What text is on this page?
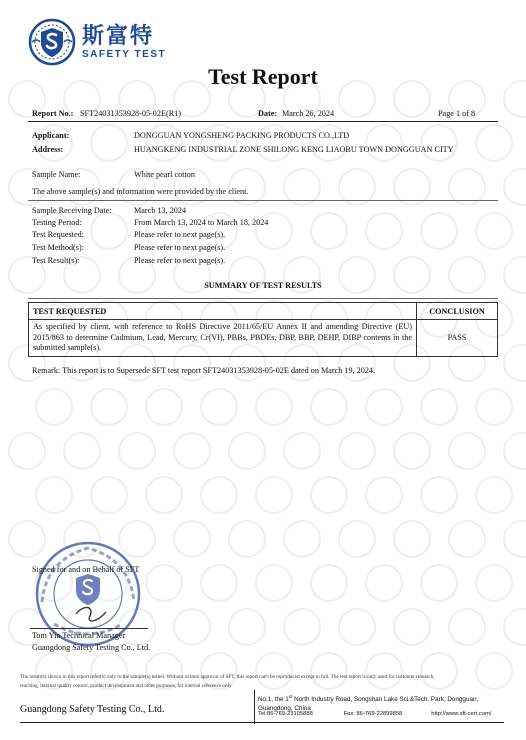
斯富特
SAFETY TEST
Test Report
Report No.: SFT24031353928-05-02E(R1)	Date: March 26, 2024	Page 1 of 8
Applicant:	DONGGUAN YONGSHENG PACKING PRODUCTS CO.,LTD
Address:	HUANGKENG INDUSTRIAL ZONE SHILONG KENG LIAOBU TOWN DONGGUAN CITY
Sample Name:	White pearl cotton
The above sample(s) and information were provided by the client.
Sample Receiving Date:	March 13, 2024
Testing Period:	From March 13, 2024 to March 18, 2024
Test Requested:	Please refer to next page(s).
Test Method(s):	Please refer to next page(s).
Test Result(s):	Please refer to next page(s).
SUMMARY OF TEST RESULTS
TEST REQUESTED	CONCLUSION
As specified by client, with reference to RoHS Directive 2011/65/EU Annex II and amending Directive (EU) 2015/863 to determine Cadmium, Lead, Mercury, Cr(VI), PBBs, PBDEs, DBP, BBP, DEHP, DIBP contents in the submitted sample(s).	PASS
Remark: This report is to Supersede SFT test report SFT24031353928-05-02E dated on March 19, 2024.
Signed for and on Behalf of SFT
Tom Yin Technical Manager
Guangdong Safety Testing Co., Ltd.
The result(s) shown in this report refer(s) only to the sample(s) tested. Without written approval of SFT, this report can't be reproduced except in full. The test report is only used for customer research,
teaching, internal quality control, product development and other purposes, for internal reference only.
Guangdong Safety Testing Co., Ltd.
No.1, the 1st North Industry Road, Songshan Lake Sci.&Tech. Park, Dongguan,
Guangdong, China
Tel:86-769-23105888	Fax: 86-769-22899858	http://www.sft-cert.com/
